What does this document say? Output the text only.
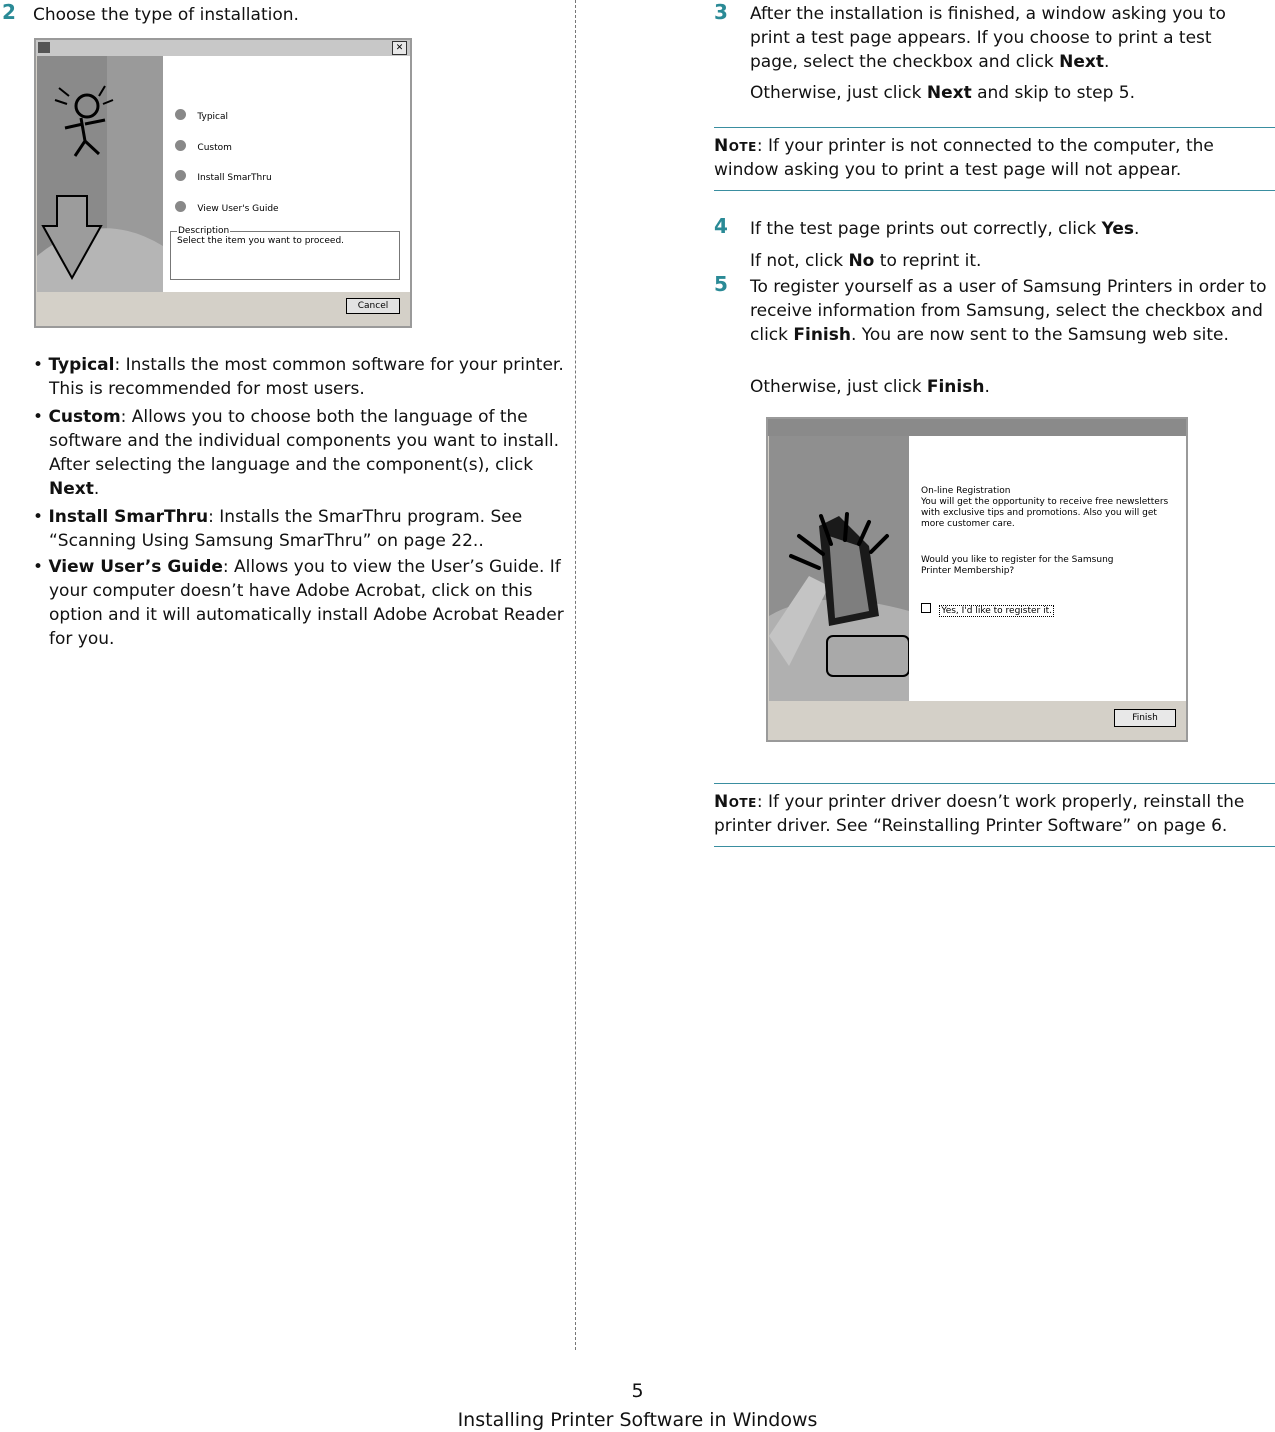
2 Choose the type of installation.
✕
Typical
Custom
Install SmarThru
View User's Guide
Description
Select the item you want to proceed.
Cancel
• Typical: Installs the most common software for your printer. This is recommended for most users.
• Custom: Allows you to choose both the language of the software and the individual components you want to install. After selecting the language and the component(s), click Next.
• Install SmarThru: Installs the SmarThru program. See “Scanning Using Samsung SmarThru” on page 22..
• View User’s Guide: Allows you to view the User’s Guide. If your computer doesn’t have Adobe Acrobat, click on this option and it will automatically install Adobe Acrobat Reader for you.
3 After the installation is finished, a window asking you to print a test page appears. If you choose to print a test page, select the checkbox and click Next.
Otherwise, just click Next and skip to step 5.
Note: If your printer is not connected to the computer, the window asking you to print a test page will not appear.
4 If the test page prints out correctly, click Yes.
If not, click No to reprint it.
5 To register yourself as a user of Samsung Printers in order to receive information from Samsung, select the checkbox and click Finish. You are now sent to the Samsung web site.
Otherwise, just click Finish.
On-line Registration
You will get the opportunity to receive free newsletters with exclusive tips and promotions. Also you will get more customer care.
Would you like to register for the Samsung Printer Membership?
Yes, I'd like to register it.
Finish
Note: If your printer driver doesn’t work properly, reinstall the printer driver. See “Reinstalling Printer Software” on page 6.
5
Installing Printer Software in Windows
